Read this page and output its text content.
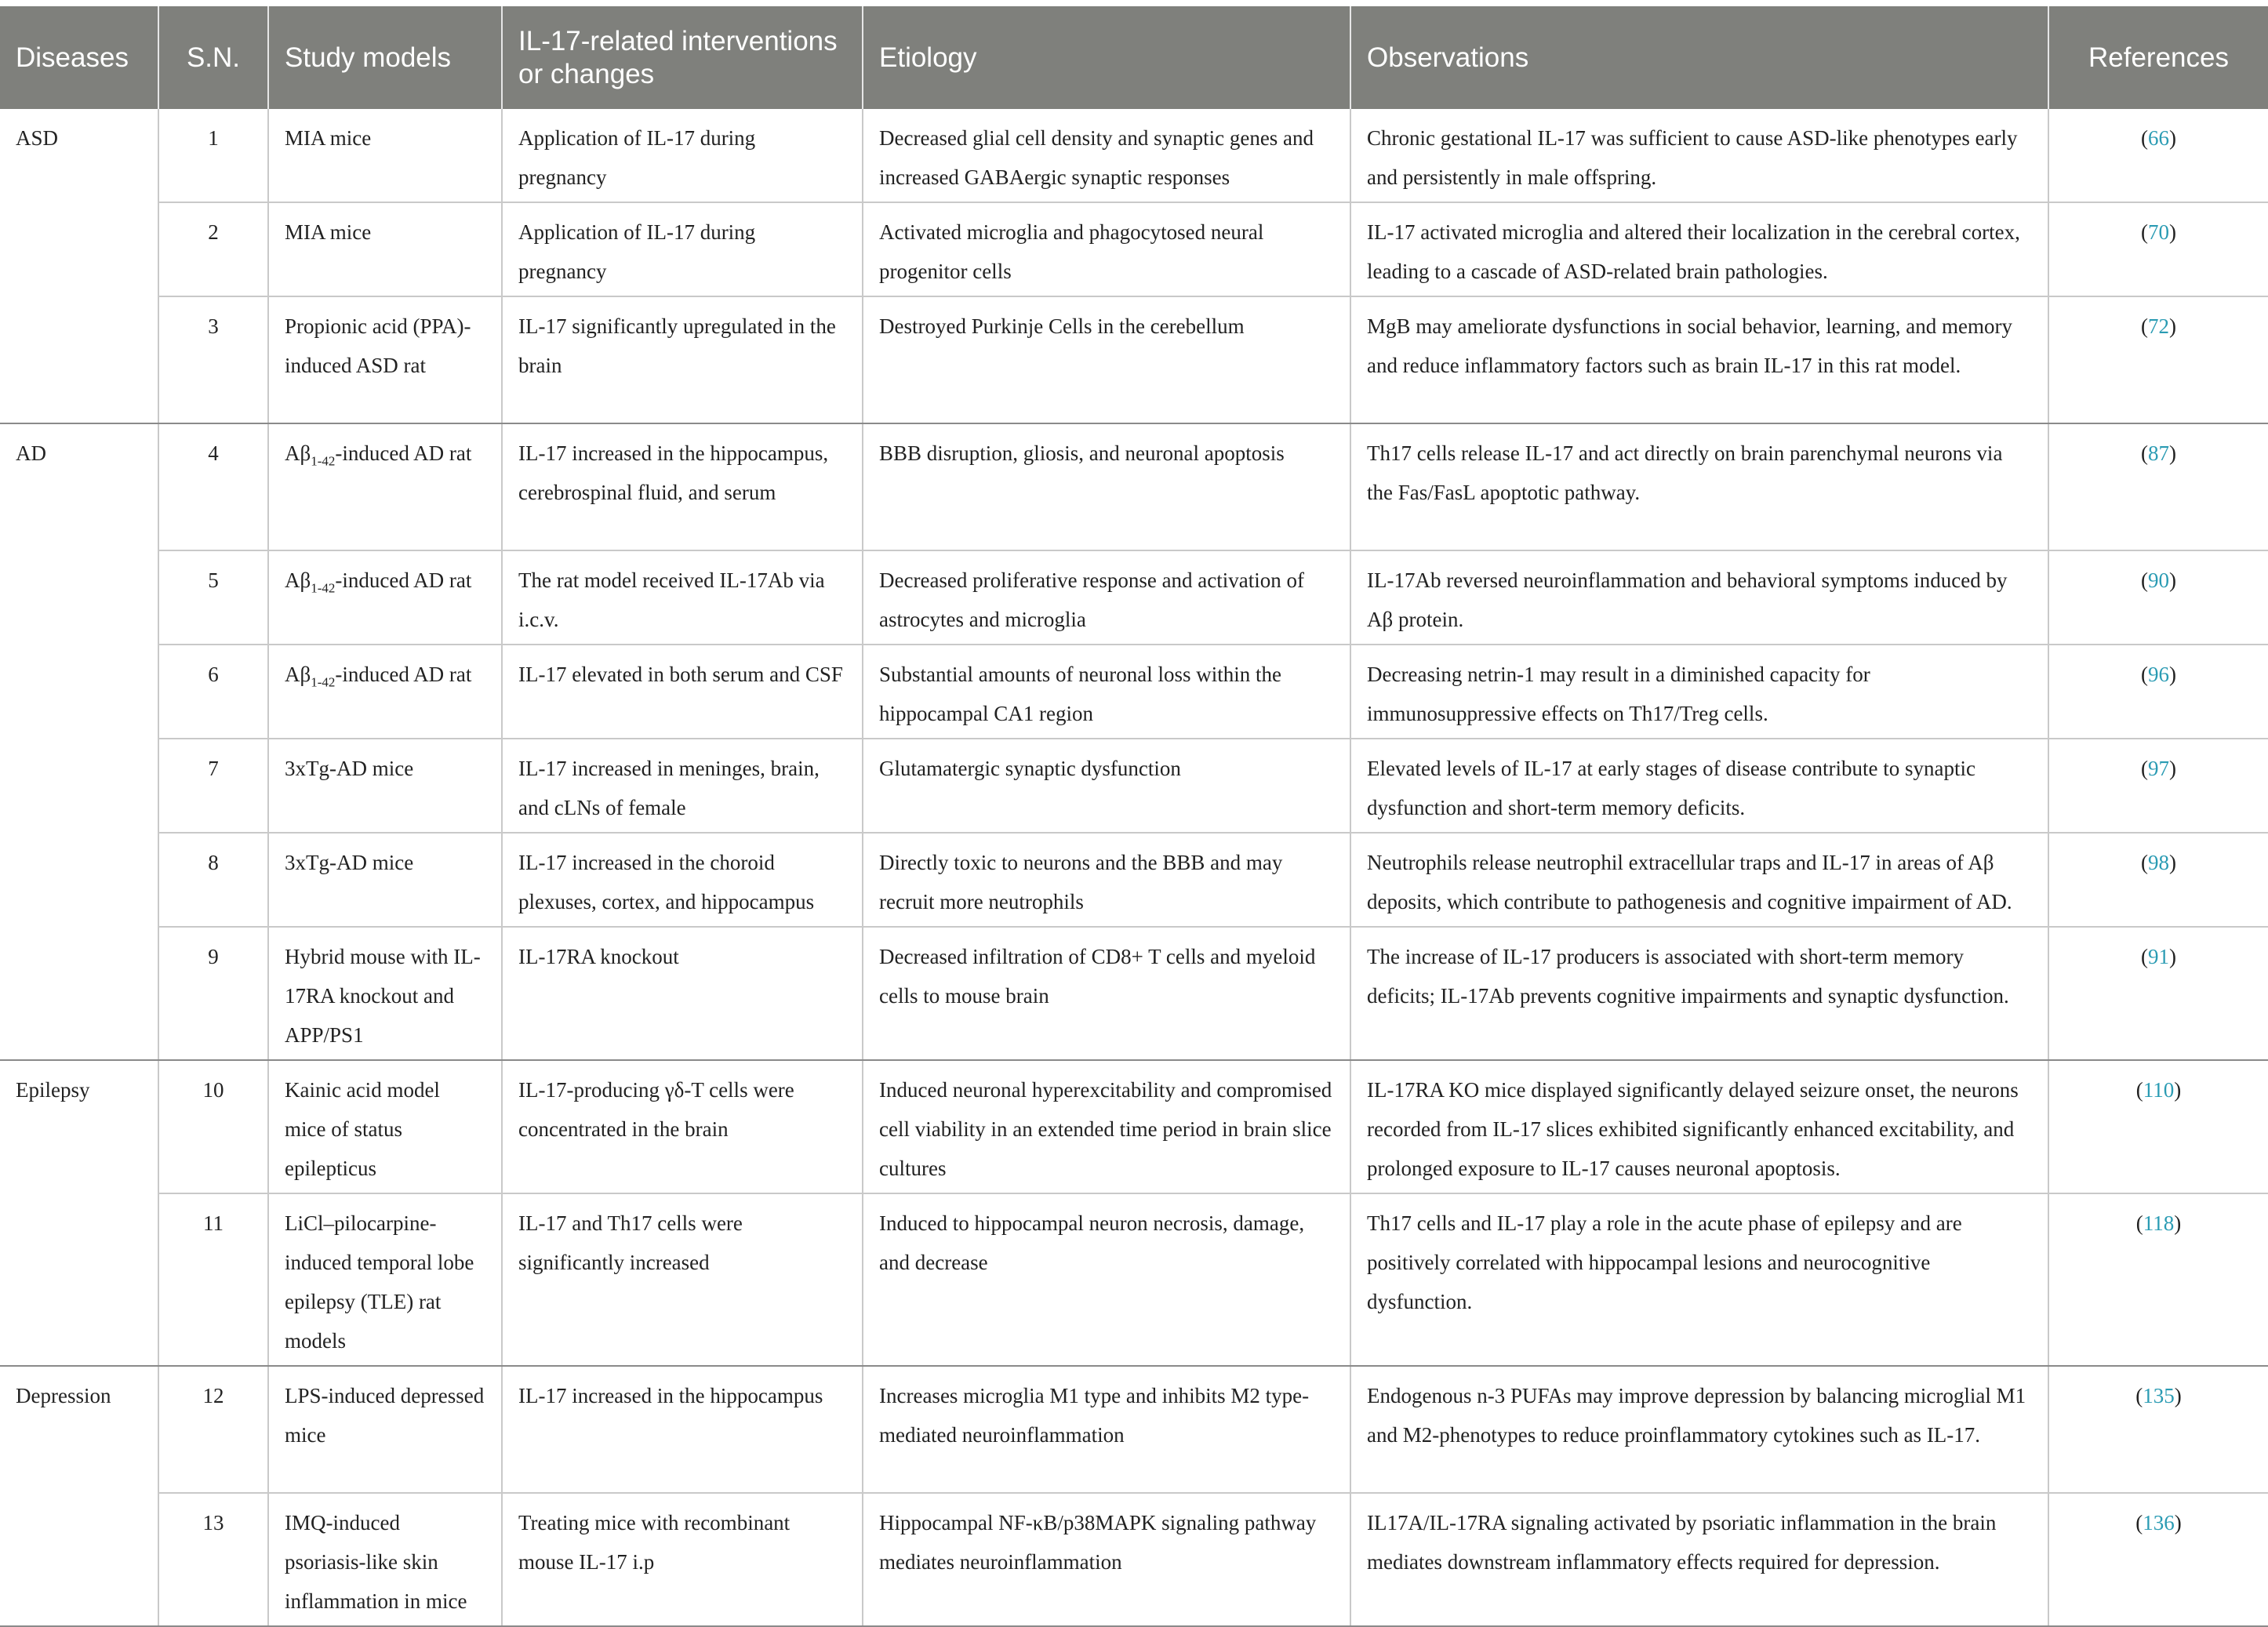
Diseases	S.N.	Study models	IL-17-related interventions or changes	Etiology	Observations	References
ASD	1	MIA mice	Application of IL-17 during pregnancy	Decreased glial cell density and synaptic genes and increased GABAergic synaptic responses	Chronic gestational IL-17 was sufficient to cause ASD-like phenotypes early and persistently in male offspring.	(66)
	2	MIA mice	Application of IL-17 during pregnancy	Activated microglia and phagocytosed neural progenitor cells	IL-17 activated microglia and altered their localization in the cerebral cortex, leading to a cascade of ASD-related brain pathologies.	(70)
	3	Propionic acid (PPA)-induced ASD rat	IL-17 significantly upregulated in the brain	Destroyed Purkinje Cells in the cerebellum	MgB may ameliorate dysfunctions in social behavior, learning, and memory and reduce inflammatory factors such as brain IL-17 in this rat model.	(72)
AD	4	$A\beta_{1‑42}$-induced AD rat	IL-17 increased in the hippocampus, cerebrospinal fluid, and serum	BBB disruption, gliosis, and neuronal apoptosis	Th17 cells release IL-17 and act directly on brain parenchymal neurons via the Fas/FasL apoptotic pathway.	(87)
	5	$A\beta_{1‑42}$-induced AD rat	The rat model received IL-17Ab via i.c.v.	Decreased proliferative response and activation of astrocytes and microglia	IL-17Ab reversed neuroinflammation and behavioral symptoms induced by Aβ protein.	(90)
	6	$A\beta_{1‑42}$-induced AD rat	IL-17 elevated in both serum and CSF	Substantial amounts of neuronal loss within the hippocampal CA1 region	Decreasing netrin-1 may result in a diminished capacity for immunosuppressive effects on Th17/Treg cells.	(96)
	7	3xTg-AD mice	IL-17 increased in meninges, brain, and cLNs of female	Glutamatergic synaptic dysfunction	Elevated levels of IL-17 at early stages of disease contribute to synaptic dysfunction and short-term memory deficits.	(97)
	8	3xTg-AD mice	IL-17 increased in the choroid plexuses, cortex, and hippocampus	Directly toxic to neurons and the BBB and may recruit more neutrophils	Neutrophils release neutrophil extracellular traps and IL-17 in areas of Aβ deposits, which contribute to pathogenesis and cognitive impairment of AD.	(98)
	9	Hybrid mouse with IL-17RA knockout and APP/PS1	IL-17RA knockout	Decreased infiltration of CD8+ T cells and myeloid cells to mouse brain	The increase of IL-17 producers is associated with short-term memory deficits; IL-17Ab prevents cognitive impairments and synaptic dysfunction.	(91)
Epilepsy	10	Kainic acid model mice of status epilepticus	IL-17-producing γδ-T cells were concentrated in the brain	Induced neuronal hyperexcitability and compromised cell viability in an extended time period in brain slice cultures	IL-17RA KO mice displayed significantly delayed seizure onset, the neurons recorded from IL-17 slices exhibited significantly enhanced excitability, and prolonged exposure to IL-17 causes neuronal apoptosis.	(110)
	11	LiCl–pilocarpine-induced temporal lobe epilepsy (TLE) rat models	IL-17 and Th17 cells were significantly increased	Induced to hippocampal neuron necrosis, damage, and decrease	Th17 cells and IL-17 play a role in the acute phase of epilepsy and are positively correlated with hippocampal lesions and neurocognitive dysfunction.	(118)
Depression	12	LPS-induced depressed mice	IL-17 increased in the hippocampus	Increases microglia M1 type and inhibits M2 type-mediated neuroinflammation	Endogenous n-3 PUFAs may improve depression by balancing microglial M1 and M2-phenotypes to reduce proinflammatory cytokines such as IL-17.	(135)
	13	IMQ-induced psoriasis-like skin inflammation in mice	Treating mice with recombinant mouse IL-17 i.p	Hippocampal NF-κB/p38MAPK signaling pathway mediates neuroinflammation	IL17A/IL-17RA signaling activated by psoriatic inflammation in the brain mediates downstream inflammatory effects required for depression.	(136)
